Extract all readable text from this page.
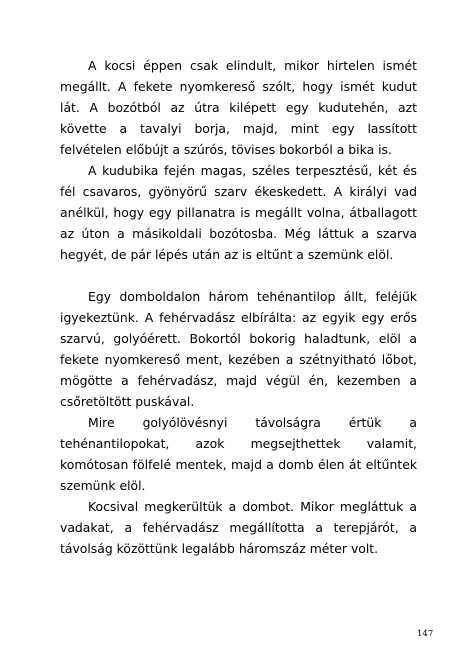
A kocsi éppen csak elindult, mikor hirtelen ismét megállt. A fekete nyomkereső szólt, hogy ismét kudut lát. A bozótból az útra kilépett egy kudutehén, azt követte a tavalyi borja, majd, mint egy lassított felvételen előbújt a szúrós, tövises bokorból a bika is.

A kudubika fején magas, széles terpesztésű, két és fél csavaros, gyönyörű szarv ékeskedett. A királyi vad anélkül, hogy egy pillanatra is megállt volna, átballagott az úton a másikoldali bozótosba. Még láttuk a szarva hegyét, de pár lépés után az is eltűnt a szemünk elöl.

Egy domboldalon három tehénantilop állt, feléjük igyekeztünk. A fehérvadász elbírálta: az egyik egy erős szarvú, golyóérett. Bokortól bokorig haladtunk, elöl a fekete nyomkereső ment, kezében a szétnyitható lőbot, mögötte a fehérvadász, majd végül én, kezemben a csőretöltött puskával.

Mire golyólövésnyi távolságra értük a tehénantilopokat, azok megsejthettek valamit, komótosan fölfelé mentek, majd a domb élen át eltűntek szemünk elöl.

Kocsival megkerültük a dombot. Mikor megláttuk a vadakat, a fehérvadász megállította a terepjárót, a távolság közöttünk legalább háromszáz méter volt.

147
